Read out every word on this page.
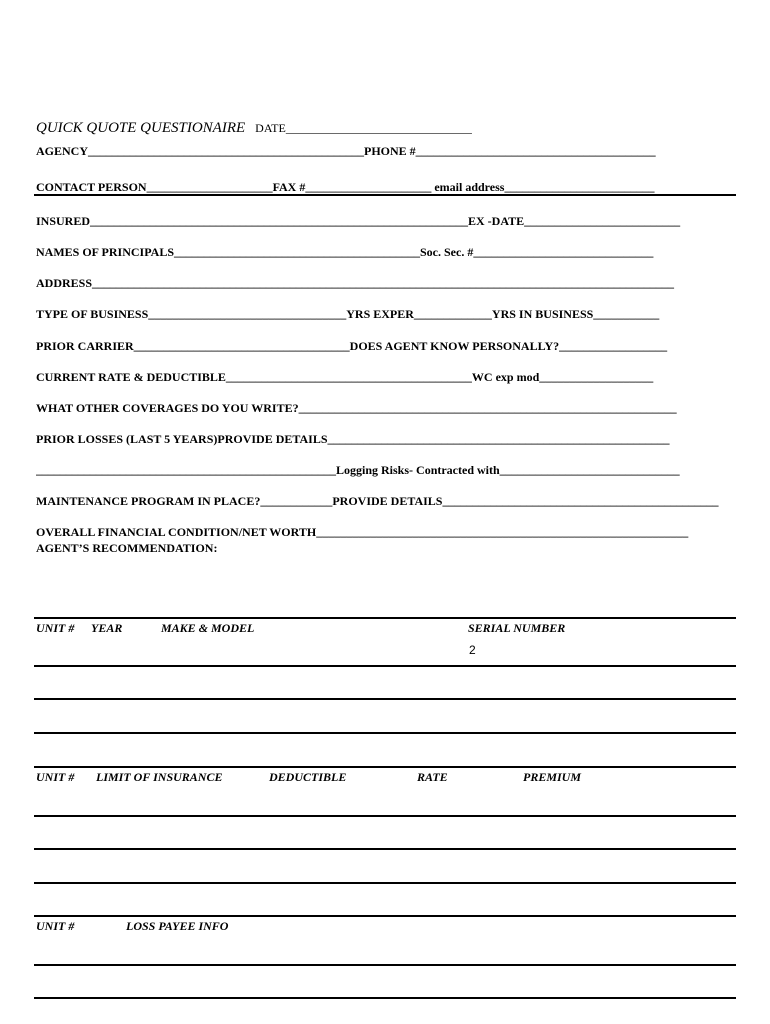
QUICK QUOTE QUESTIONAIRE DATE_______________________________
AGENCY______________________________________________PHONE #________________________________________
CONTACT PERSON_____________________FAX #_____________________ email address_________________________
INSURED_______________________________________________________________EX -DATE__________________________
NAMES OF PRINCIPALS_________________________________________Soc. Sec. #______________________________
ADDRESS_________________________________________________________________________________________________
TYPE OF BUSINESS_________________________________YRS EXPER_____________YRS IN BUSINESS___________
PRIOR CARRIER____________________________________DOES AGENT KNOW PERSONALLY?__________________
CURRENT RATE & DEDUCTIBLE_________________________________________WC exp mod___________________
WHAT OTHER COVERAGES DO YOU WRITE?_______________________________________________________________
PRIOR LOSSES (LAST 5 YEARS)PROVIDE DETAILS_________________________________________________________
__________________________________________________Logging Risks- Contracted with______________________________
MAINTENANCE PROGRAM IN PLACE?____________PROVIDE DETAILS______________________________________________
OVERALL FINANCIAL CONDITION/NET WORTH______________________________________________________________
AGENT’S RECOMMENDATION:
UNIT # YEAR	MAKE & MODEL	SERIAL NUMBER
2
UNIT # LIMIT OF INSURANCE	DEDUCTIBLE	RATE	PREMIUM
UNIT #	LOSS PAYEE INFO
